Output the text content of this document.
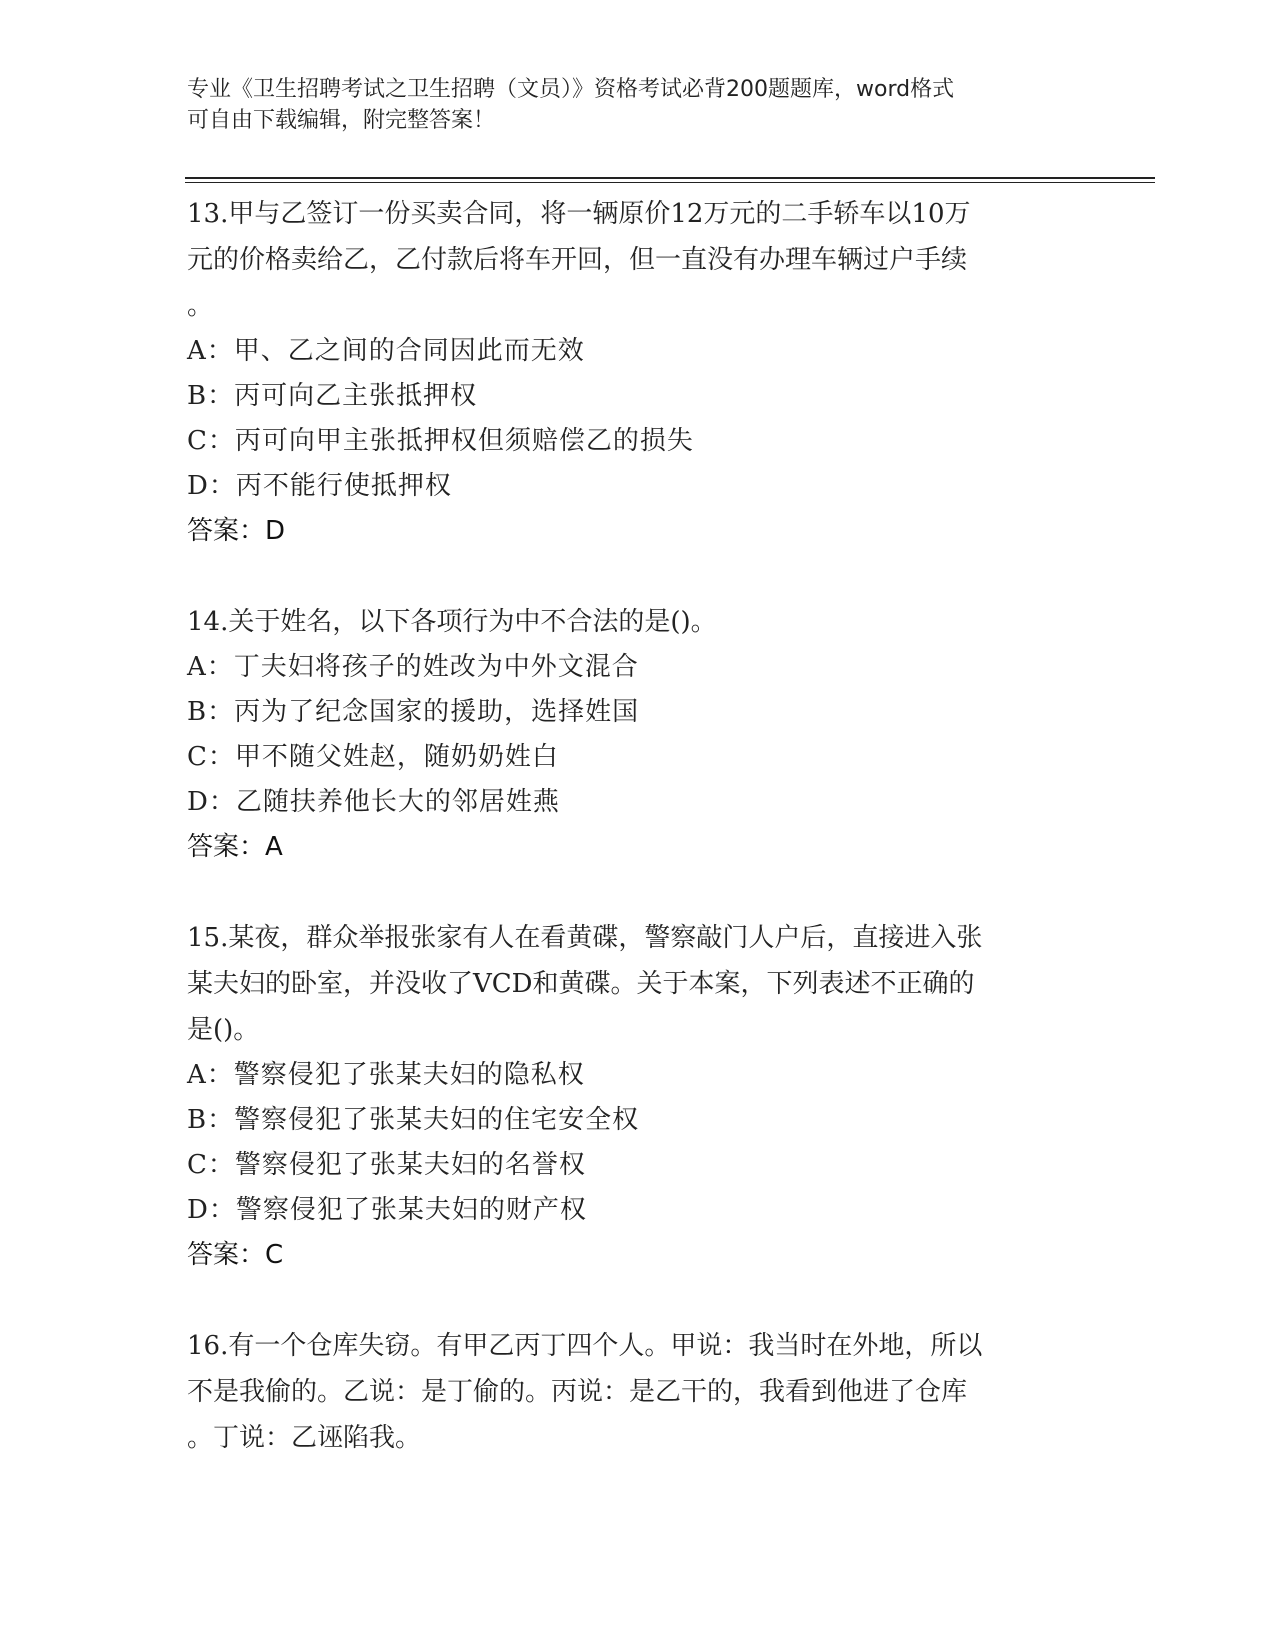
专业《卫生招聘考试之卫生招聘（文员）》资格考试必背200题题库，word格式
可自由下载编辑，附完整答案！
13.甲与乙签订一份买卖合同，将一辆原价12万元的二手轿车以10万
元的价格卖给乙，乙付款后将车开回，但一直没有办理车辆过户手续
。
A：甲、乙之间的合同因此而无效
B：丙可向乙主张抵押权
C：丙可向甲主张抵押权但须赔偿乙的损失
D：丙不能行使抵押权
答案：D
14.关于姓名，以下各项行为中不合法的是()。
A：丁夫妇将孩子的姓改为中外文混合
B：丙为了纪念国家的援助，选择姓国
C：甲不随父姓赵，随奶奶姓白
D：乙随扶养他长大的邻居姓燕
答案：A
15.某夜，群众举报张家有人在看黄碟，警察敲门人户后，直接进入张
某夫妇的卧室，并没收了VCD和黄碟。关于本案，下列表述不正确的
是()。
A：警察侵犯了张某夫妇的隐私权
B：警察侵犯了张某夫妇的住宅安全权
C：警察侵犯了张某夫妇的名誉权
D：警察侵犯了张某夫妇的财产权
答案：C
16.有一个仓库失窃。有甲乙丙丁四个人。甲说：我当时在外地，所以
不是我偷的。乙说：是丁偷的。丙说：是乙干的，我看到他进了仓库
。丁说：乙诬陷我。
